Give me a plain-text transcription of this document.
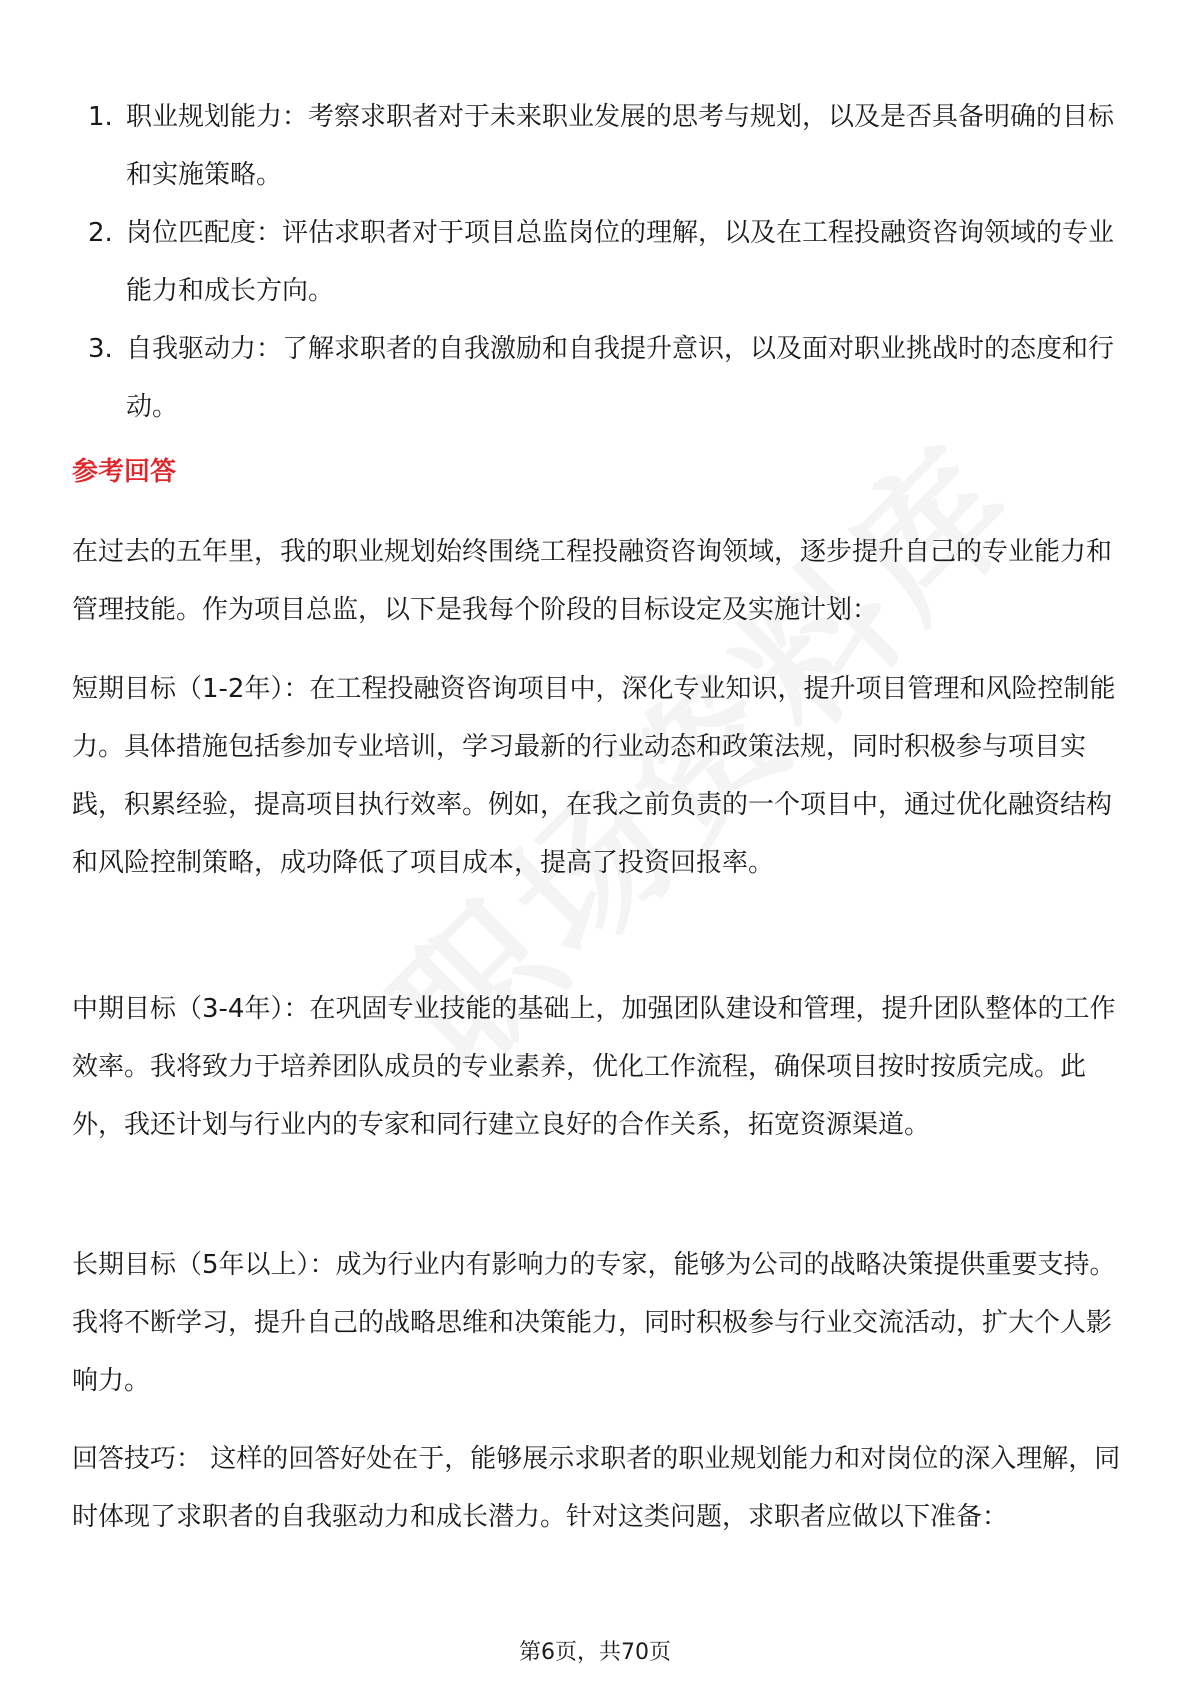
1. 职业规划能力：考察求职者对于未来职业发展的思考与规划，以及是否具备明确的目标和实施策略。
2. 岗位匹配度：评估求职者对于项目总监岗位的理解，以及在工程投融资咨询领域的专业能力和成长方向。
3. 自我驱动力：了解求职者的自我激励和自我提升意识，以及面对职业挑战时的态度和行动。
参考回答

在过去的五年里，我的职业规划始终围绕工程投融资咨询领域，逐步提升自己的专业能力和管理技能。作为项目总监，以下是我每个阶段的目标设定及实施计划：

短期目标（1-2年）：在工程投融资咨询项目中，深化专业知识，提升项目管理和风险控制能力。具体措施包括参加专业培训，学习最新的行业动态和政策法规，同时积极参与项目实践，积累经验，提高项目执行效率。例如，在我之前负责的一个项目中，通过优化融资结构和风险控制策略，成功降低了项目成本，提高了投资回报率。

中期目标（3-4年）：在巩固专业技能的基础上，加强团队建设和管理，提升团队整体的工作效率。我将致力于培养团队成员的专业素养，优化工作流程，确保项目按时按质完成。此外，我还计划与行业内的专家和同行建立良好的合作关系，拓宽资源渠道。

长期目标（5年以上）：成为行业内有影响力的专家，能够为公司的战略决策提供重要支持。我将不断学习，提升自己的战略思维和决策能力，同时积极参与行业交流活动，扩大个人影响力。

回答技巧： 这样的回答好处在于，能够展示求职者的职业规划能力和对岗位的深入理解，同时体现了求职者的自我驱动力和成长潜力。针对这类问题，求职者应做以下准备：

第6页，共70页
